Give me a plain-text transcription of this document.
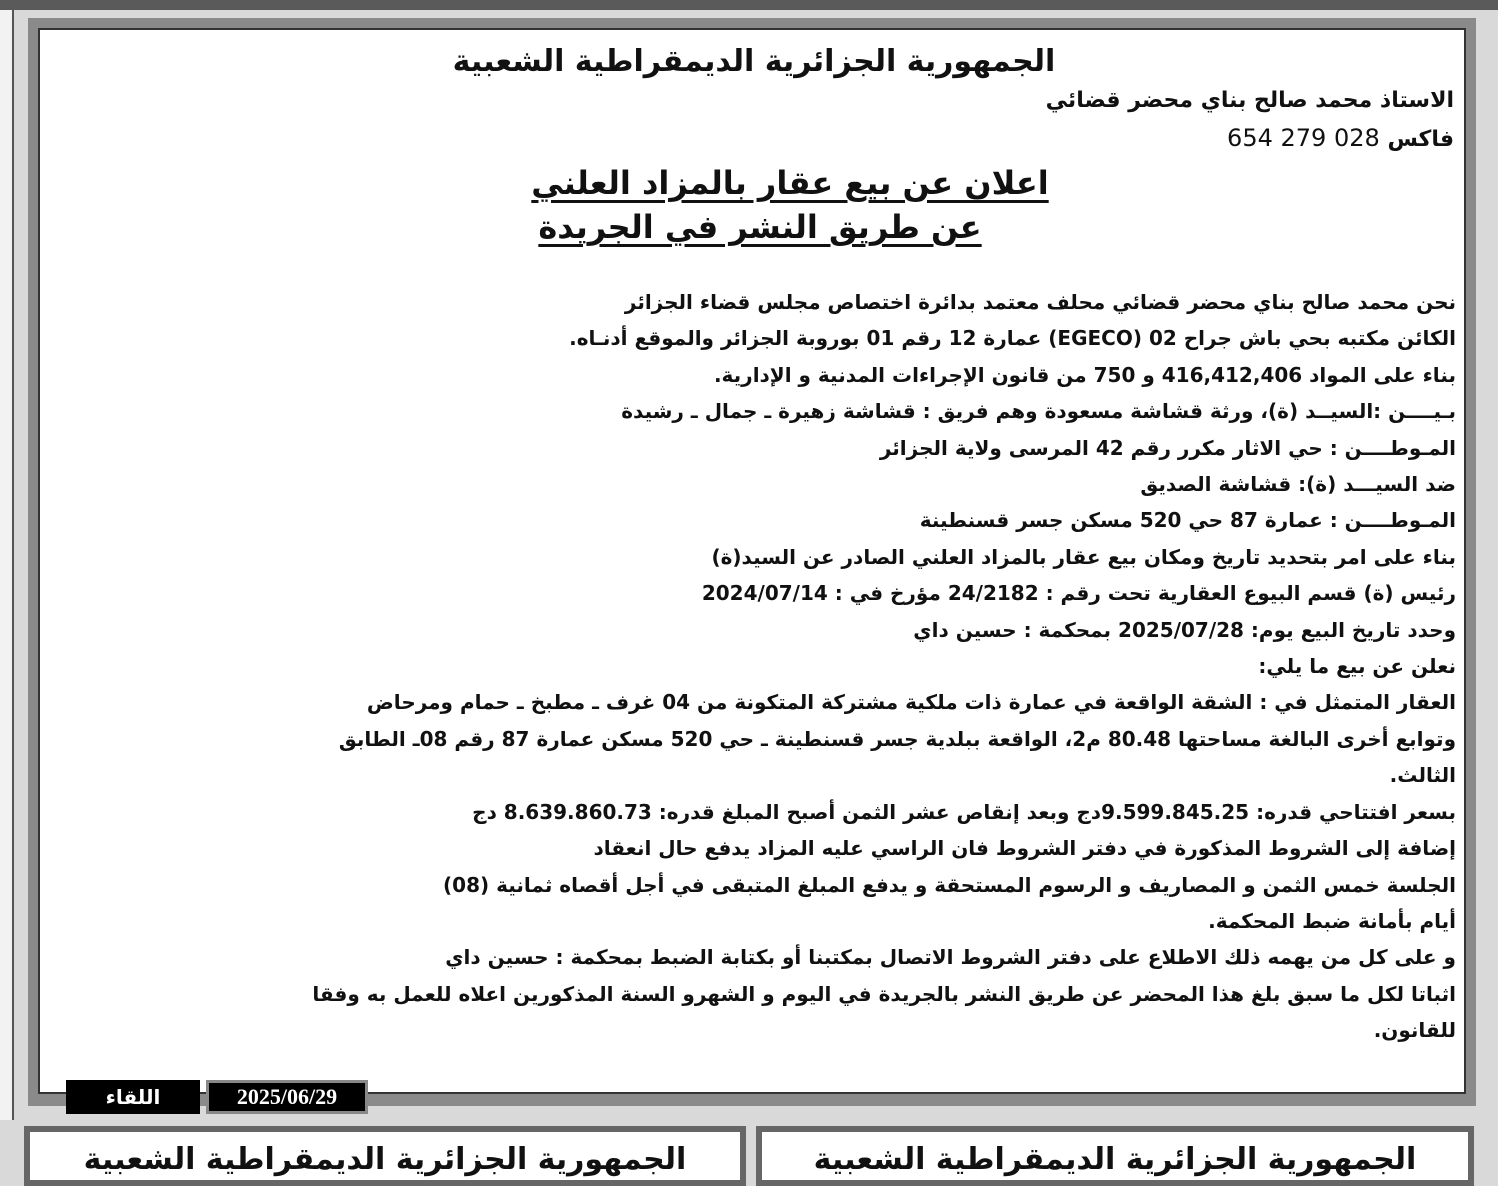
الجمهورية الجزائرية الديمقراطية الشعبية
الاستاذ محمد صالح بناي محضر قضائي
فاكس 028 279 654
اعلان عن بيع عقار بالمزاد العلني
عن طريق النشر في الجريدة
نحن محمد صالح بناي محضر قضائي محلف معتمد بدائرة اختصاص مجلس قضاء الجزائر
الكائن مكتبه بحي باش جراح 02 (EGECO) عمارة 12 رقم 01 بوروبة الجزائر والموقع أدنـاه.
بناء على المواد 416,412,406 و 750 من قانون الإجراءات المدنية و الإدارية.
بـيــــن :السيــد (ة)، ورثة قشاشة مسعودة وهم فريق : قشاشة زهيرة ـ جمال ـ رشيدة
المـوطــــن : حي الاثار مكرر رقم 42 المرسى ولاية الجزائر
ضد السيـــد (ة): قشاشة الصديق
المـوطــــن : عمارة 87 حي 520 مسكن جسر قسنطينة
بناء على امر بتحديد تاريخ ومكان بيع عقار بالمزاد العلني الصادر عن السيد(ة)
رئيس (ة) قسم البيوع العقارية تحت رقم : 24/2182 مؤرخ في : 2024/07/14
وحدد تاريخ البيع يوم: 2025/07/28 بمحكمة : حسين داي
نعلن عن بيع ما يلي:
العقار المتمثل في : الشقة الواقعة في عمارة ذات ملكية مشتركة المتكونة من 04 غرف ـ مطبخ ـ حمام ومرحاض
وتوابع أخرى البالغة مساحتها 80.48 م2، الواقعة ببلدية جسر قسنطينة ـ حي 520 مسكن عمارة 87 رقم 08ـ الطابق
الثالث.
بسعر افتتاحي قدره: 9.599.845.25دج وبعد إنقاص عشر الثمن أصبح المبلغ قدره: 8.639.860.73 دج
إضافة إلى الشروط المذكورة في دفتر الشروط فان الراسي عليه المزاد يدفع حال انعقاد
الجلسة خمس الثمن و المصاريف و الرسوم المستحقة و يدفع المبلغ المتبقى في أجل أقصاه ثمانية (08)
أيام بأمانة ضبط المحكمة.
و على كل من يهمه ذلك الاطلاع على دفتر الشروط الاتصال بمكتبنا أو بكتابة الضبط بمحكمة : حسين داي
اثباتا لكل ما سبق بلغ هذا المحضر عن طريق النشر بالجريدة في اليوم و الشهرو السنة المذكورين اعلاه للعمل به وفقا
للقانون.
اللقاء	2025/06/29
الجمهورية الجزائرية الديمقراطية الشعبية	الجمهورية الجزائرية الديمقراطية الشعبية
